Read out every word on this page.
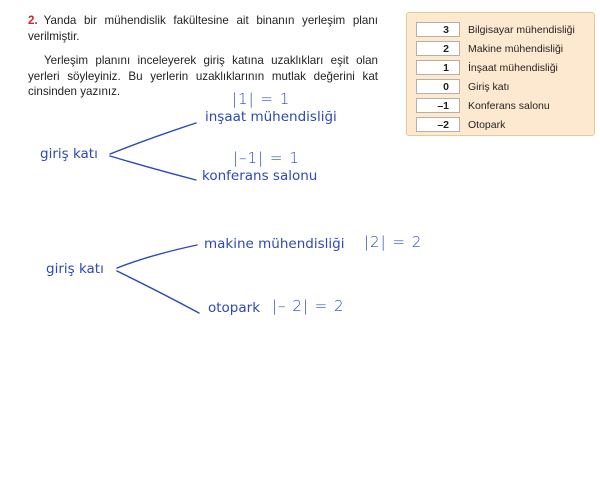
2. Yanda bir mühendislik fakültesine ait binanın yerleşim planı verilmiştir.

Yerleşim planını inceleyerek giriş katına uzaklıkları eşit olan yerleri söyleyiniz. Bu yerlerin uzaklıklarının mutlak değerini kat cinsinden yazınız.

3	Bilgisayar mühendisliği
2	Makine mühendisliği
1	İnşaat mühendisliği
0	Giriş katı
–1	Konferans salonu
–2	Otopark
giriş katı
|1| = 1
inşaat mühendisliği
|–1| = 1
konferans salonu
giriş katı
makine mühendisliği |2| = 2
otopark |– 2| = 2
